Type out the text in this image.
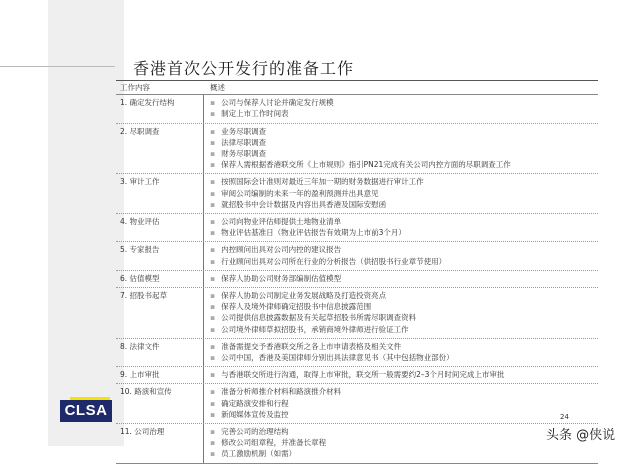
CLSA
香港首次公开发行的准备工作
工作内容	概述
1. 确定发行结构	▪ 公司与保荐人讨论并确定发行规模
▪ 制定上市工作时间表
2. 尽职调查	▪ 业务尽职调查
▪ 法律尽职调查
▪ 财务尽职调查
▪ 保荐人需根据香港联交所《上市规则》指引PN21完成有关公司内控方面的尽职调查工作
3. 审计工作	▪ 按照国际会计准则对最近三年加一期的财务数据进行审计工作
▪ 审阅公司编制的未来一年的盈利预测并出具意见
▪ 就招股书中会计数据及内容出具香港及国际安慰函
4. 物业评估	▪ 公司向物业评估师提供土地物业清单
▪ 物业评估基准日（物业评估报告有效期为上市前3个月）
5. 专家报告	▪ 内控顾问出具对公司内控的建议报告
▪ 行业顾问出具对公司所在行业的分析报告（供招股书行业章节使用）
6. 估值模型	▪ 保荐人协助公司财务部编制估值模型
7. 招股书起草	▪ 保荐人协助公司制定业务发展战略及打造投资亮点
▪ 保荐人及境外律师确定招股书中信息披露范围
▪ 公司提供信息披露数据及有关起草招股书所需尽职调查资料
▪ 公司境外律师草拟招股书，承销商境外律师进行验证工作
8. 法律文件	▪ 准备需提交予香港联交所之各上市申请表格及相关文件
▪ 公司中国，香港及美国律师分别出具法律意见书（其中包括物业部份）
9. 上市审批	▪ 与香港联交所进行沟通，取得上市审批，联交所一般需要约2–3个月时间完成上市审批
10. 路演和宣传	▪ 准备分析师推介材料和路演推介材料
▪ 确定路演安排和行程
▪ 新闻媒体宣传及监控
11. 公司治理	▪ 完善公司的治理结构
▪ 修改公司组章程，并准备长章程
▪ 员工激励机制（如需）
24
头条 @侠说
